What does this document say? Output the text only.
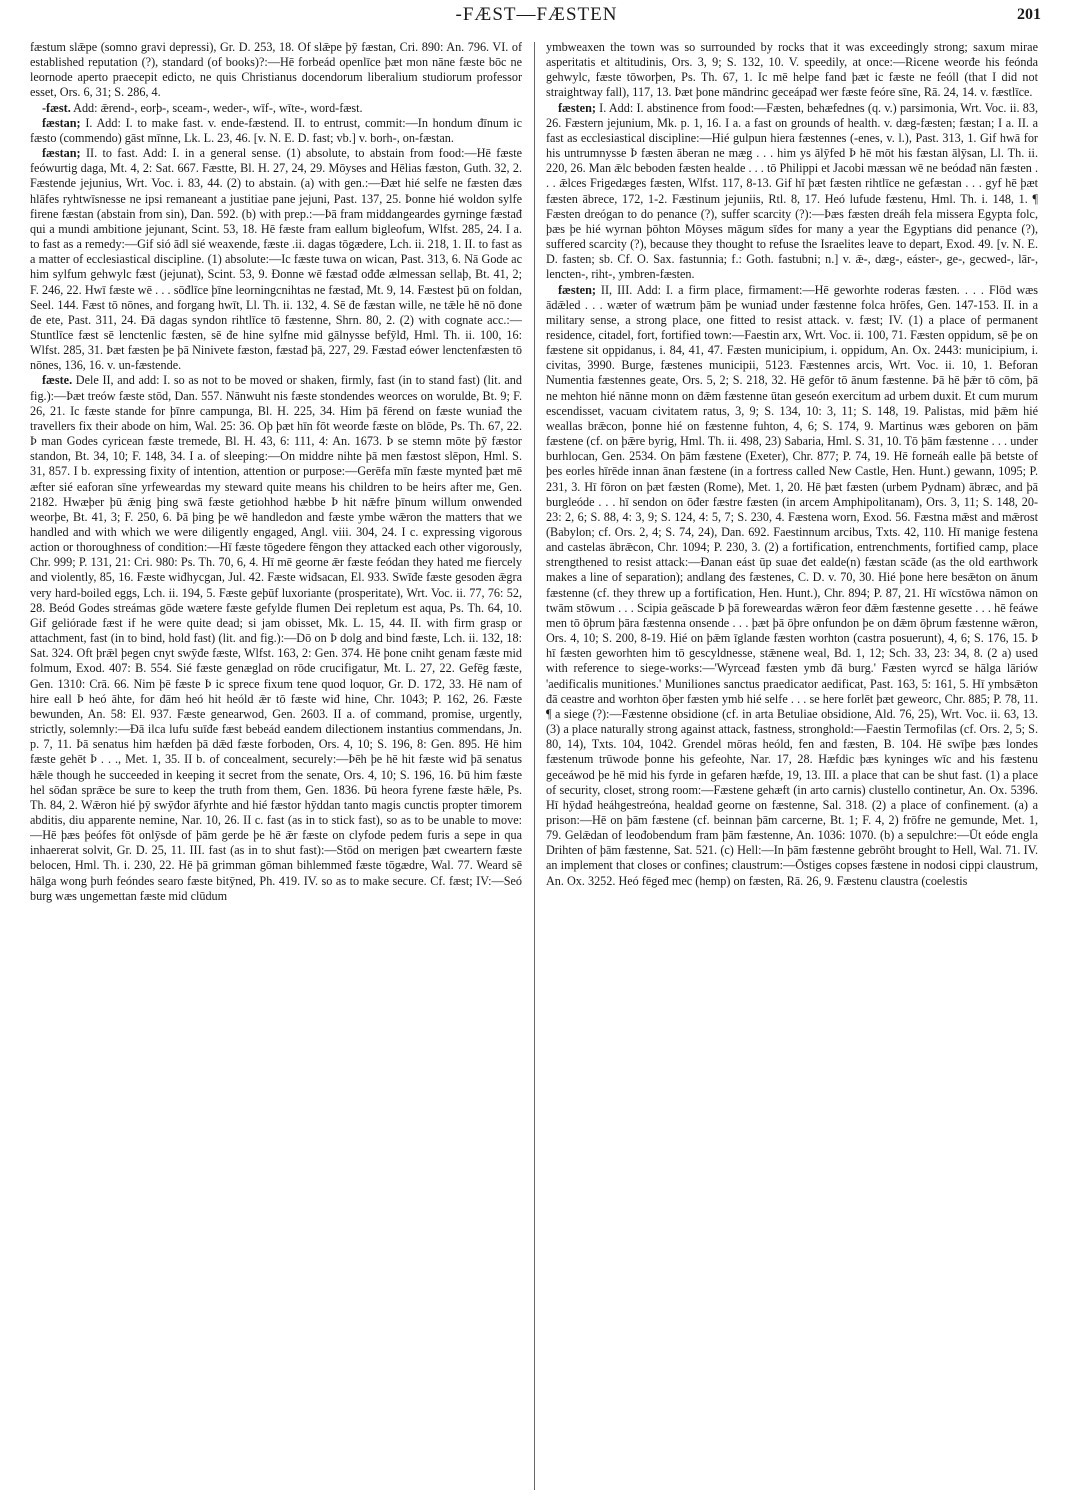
-FÆST—FÆSTEN	201

fæstum slǣpe (somno gravi depressi), Gr. D. 253, 18. Of slǣpe þȳ fæstan, Cri. 890: An. 796. VI. of established reputation (?), standard (of books)?:—Hē forbeád openlīce þæt mon nāne fæste bōc ne leornode aperto praecepit edicto, ne quis Christianus docendorum liberalium studiorum professor esset, Ors. 6, 31; S. 286, 4.

-fæst. Add: ǣrend-, eorþ-, sceam-, weder-, wīf-, wīte-, word-fæst.

fæstan; I. Add: I. to make fast. v. ende-fæstend. II. to entrust, commit:—In hondum đīnum ic fæsto (commendo) gāst mīnne, Lk. L. 23, 46. [v. N. E. D. fast; vb.] v. borh-, on-fæstan.

fæstan; II. to fast. Add: I. in a general sense. (1) absolute, to abstain from food:—Hē fæste feówurtig daga, Mt. 4, 2: Sat. 667. Fæstte, Bl. H. 27, 24, 29. Mōyses and Hēlias fæston, Guth. 32, 2. Fæstende jejunius, Wrt. Voc. i. 83, 44. (2) to abstain. (a) with gen.:—Đæt hié selfe ne fæsten đæs hlāfes ryhtwīsnesse ne ipsi remaneant a justitiae pane jejuni, Past. 137, 25. Þonne hié woldon sylfe firene fæstan (abstain from sin), Dan. 592. (b) with prep.:—Þā fram middangeardes gyrninge fæstađ qui a mundi ambitione jejunant, Scint. 53, 18. Hē fæste fram eallum bigleofum, Wlfst. 285, 24. I a. to fast as a remedy:—Gif sió ādl sié weaxende, fæste .ii. dagas tōgædere, Lch. ii. 218, 1. II. to fast as a matter of ecclesiastical discipline. (1) absolute:—Ic fæste tuwa on wican, Past. 313, 6. Nā Gode ac him sylfum gehwylc fæst (jejunat), Scint. 53, 9. Đonne wē fæstađ ođđe ælmessan sellaþ, Bt. 41, 2; F. 246, 22. Hwī fæste wē . . . sōđlīce þīne leorningcnihtas ne fæstađ, Mt. 9, 14. Fæstest þū on foldan, Seel. 144. Fæst tō nōnes, and forgang hwīt, Ll. Th. ii. 132, 4. Sē đe fæstan wille, ne tǣle hē nō đone đe ete, Past. 311, 24. Đā dagas syndon rihtlīce tō fæstenne, Shrn. 80, 2. (2) with cognate acc.:—Stuntlīce fæst sē lenctenlic fæsten, sē đe hine sylfne mid gālnysse befȳlđ, Hml. Th. ii. 100, 16: Wlfst. 285, 31. Þæt fæsten þe þā Ninivete fæston, fæstađ þā, 227, 29. Fæstađ eówer lenctenfæsten tō nōnes, 136, 16. v. un-fæstende.

fæste. Dele II, and add: I. so as not to be moved or shaken, firmly, fast (in to stand fast) (lit. and fig.):—Þæt treów fæste stōd, Dan. 557. Nānwuht nis fæste stondendes weorces on worulde, Bt. 9; F. 26, 21. Ic fæste stande for þīnre campunga, Bl. H. 225, 34. Him þā fērend on fæste wuniađ the travellers fix their abode on him, Wal. 25: 36. Oþ þæt hīn fōt weorđe fæste on blōde, Ps. Th. 67, 22. Þ man Godes cyricean fæste tremede, Bl. H. 43, 6: 111, 4: An. 1673. Þ se stemn mōte þȳ fæstor standon, Bt. 34, 10; F. 148, 34. I a. of sleeping:—On middre nihte þā men fæstost slēpon, Hml. S. 31, 857. I b. expressing fixity of intention, attention or purpose:—Gerēfa mīn fæste mynteđ þæt mē æfter sié eaforan sīne yrfeweardas my steward quite means his children to be heirs after me, Gen. 2182. Hwæþer þū ǣnig þing swā fæste getiohhod hæbbe Þ hit nǣfre þīnum willum onwended weorþe, Bt. 41, 3; F. 250, 6. Þā þing þe wē handledon and fæste ymbe wǣron the matters that we handled and with which we were diligently engaged, Angl. viii. 304, 24. I c. expressing vigorous action or thoroughness of condition:—Hī fæste tōgedere fēngon they attacked each other vigorously, Chr. 999; P. 131, 21: Cri. 980: Ps. Th. 70, 6, 4. Hī mē georne ǣr fæste feódan they hated me fiercely and violently, 85, 16. Fæste wiđhycgan, Jul. 42. Fæste wiđsacan, El. 933. Swīđe fæste gesoden ǣgra very hard-boiled eggs, Lch. ii. 194, 5. Fæste geþūf luxoriante (prosperitate), Wrt. Voc. ii. 77, 76: 52, 28. Beód Godes streámas gōde wætere fæste gefylde flumen Dei repletum est aqua, Ps. Th. 64, 10. Gif geliórade fæst if he were quite dead; si jam obisset, Mk. L. 15, 44. II. with firm grasp or attachment, fast (in to bind, hold fast) (lit. and fig.):—Dō on Þ dolg and bind fæste, Lch. ii. 132, 18: Sat. 324. Oft þrǣl þegen cnyt swȳđe fæste, Wlfst. 163, 2: Gen. 374. Hē þone cniht genam fæste mid folmum, Exod. 407: B. 554. Sié fæste genæglad on rōde crucifigatur, Mt. L. 27, 22. Gefēg fæste, Gen. 1310: Crā. 66. Nim þē fæste Þ ic sprece fixum tene quod loquor, Gr. D. 172, 33. Hē nam of hire eall Þ heó āhte, for đām heó hit heóld ǣr tō fæste wiđ hine, Chr. 1043; P. 162, 26. Fæste bewunden, An. 58: El. 937. Fæste genearwod, Gen. 2603. II a. of command, promise, urgently, strictly, solemnly:—Đā ilca lufu suīđe fæst bebeád eandem dilectionem instantius commendans, Jn. p. 7, 11. Þā senatus him hæfden þā dǣd fæste forboden, Ors. 4, 10; S. 196, 8: Gen. 895. Hē him fæste gehēt Þ . . ., Met. 1, 35. II b. of concealment, securely:—Þēh þe hē hit fæste wiđ þā senatus hǣle though he succeeded in keeping it secret from the senate, Ors. 4, 10; S. 196, 16. Þū him fæste hel sōđan sprǣce be sure to keep the truth from them, Gen. 1836. Þū heora fyrene fæste hǣle, Ps. Th. 84, 2. Wǣron hié þȳ swȳđor āfyrhte and hié fæstor hȳddan tanto magis cunctis propter timorem abditis, diu apparente nemine, Nar. 10, 26. II c. fast (as in to stick fast), so as to be unable to move:—Hē þæs þeófes fōt onlȳsde of þām gerde þe hē ǣr fæste on clyfode pedem furis a sepe in qua inhaererat solvit, Gr. D. 25, 11. III. fast (as in to shut fast):—Stōd on merigen þæt cweartern fæste belocen, Hml. Th. i. 230, 22. Hē þā grimman gōman bihlemmeđ fæste tōgædre, Wal. 77. Weard sē hālga wong þurh feóndes searo fæste bitȳned, Ph. 419. IV. so as to make secure. Cf. fæst; IV:—Seó burg wæs ungemettan fæste mid clūdum

ymbweaxen the town was so surrounded by rocks that it was exceedingly strong; saxum mirae asperitatis et altitudinis, Ors. 3, 9; S. 132, 10. V. speedily, at once:—Ricene weorđe his feónda gehwylc, fæste tōworþen, Ps. Th. 67, 1. Ic mē helpe fand þæt ic fæste ne feóll (that I did not straightway fall), 117, 13. Þæt þone māndrinc geceápađ wer fæste feóre sīne, Rā. 24, 14. v. fæstlīce.

fæsten; I. Add: I. abstinence from food:—Fæsten, behæfednes (q. v.) parsimonia, Wrt. Voc. ii. 83, 26. Fæstern jejunium, Mk. p. 1, 16. I a. a fast on grounds of health. v. dæg-fæsten; fæstan; I a. II. a fast as ecclesiastical discipline:—Hié gulpun hiera fæstennes (-enes, v. l.), Past. 313, 1. Gif hwā for his untrumnysse Þ fæsten āberan ne mæg . . . him ys ālȳfed Þ hē mōt his fæstan ālȳsan, Ll. Th. ii. 220, 26. Man ǣlc beboden fæsten healde . . . tō Philippi et Jacobi mæssan wē ne beódađ nān fæsten . . . ǣlces Frigedæges fæsten, Wlfst. 117, 8-13. Gif hī þæt fæsten rihtlīce ne gefæstan . . . gyf hē þæt fæsten ābrece, 172, 1-2. Fæstinum jejuniis, Rtl. 8, 17. Heó lufude fæstenu, Hml. Th. i. 148, 1. ¶ Fæsten dreógan to do penance (?), suffer scarcity (?):—Þæs fæsten dreáh fela missera Egypta folc, þæs þe hié wyrnan þōhton Mōyses māgum sīđes for many a year the Egyptians did penance (?), suffered scarcity (?), because they thought to refuse the Israelites leave to depart, Exod. 49. [v. N. E. D. fasten; sb. Cf. O. Sax. fastunnia; f.: Goth. fastubni; n.] v. ǣ-, dæg-, eáster-, ge-, gecwed-, lār-, lencten-, riht-, ymbren-fæsten.

fæsten; II, III. Add: I. a firm place, firmament:—Hē geworhte roderas fæsten. . . . Flōd wæs ādǣled . . . wæter of wætrum þām þe wuniađ under fæstenne folca hrōfes, Gen. 147-153. II. in a military sense, a strong place, one fitted to resist attack. v. fæst; IV. (1) a place of permanent residence, citadel, fort, fortified town:—Faestin arx, Wrt. Voc. ii. 100, 71. Fæsten oppidum, sē þe on fæstene sit oppidanus, i. 84, 41, 47. Fæsten municipium, i. oppidum, An. Ox. 2443: municipium, i. civitas, 3990. Burge, fæstenes municipii, 5123. Fæstennes arcis, Wrt. Voc. ii. 10, 1. Beforan Numentia fæstennes geate, Ors. 5, 2; S. 218, 32. Hē gefōr tō ānum fæstenne. Þā hē þǣr tō cōm, þā ne mehton hié nānne monn on đǣm fæstenne ūtan geseón exercitum ad urbem duxit. Et cum murum escendisset, vacuam civitatem ratus, 3, 9; S. 134, 10: 3, 11; S. 148, 19. Palistas, mid þǣm hié weallas brǣcon, þonne hié on fæstenne fuhton, 4, 6; S. 174, 9. Martinus wæs geboren on þām fæstene (cf. on þǣre byrig, Hml. Th. ii. 498, 23) Sabaria, Hml. S. 31, 10. Tō þām fæstenne . . . under burhlocan, Gen. 2534. On þām fæstene (Exeter), Chr. 877; P. 74, 19. Hē forneáh ealle þā betste of þes eorles hīrēde innan ānan fæstene (in a fortress called New Castle, Hen. Hunt.) gewann, 1095; P. 231, 3. Hī fōron on þæt fæsten (Rome), Met. 1, 20. Hē þæt fæsten (urbem Pydnam) ābræc, and þā burgleóde . . . hī sendon on ōđer fæstre fæsten (in arcem Amphipolitanam), Ors. 3, 11; S. 148, 20-23: 2, 6; S. 88, 4: 3, 9; S. 124, 4: 5, 7; S. 230, 4. Fæstena worn, Exod. 56. Fæstna mǣst and mǣrost (Babylon; cf. Ors. 2, 4; S. 74, 24), Dan. 692. Faestinnum arcibus, Txts. 42, 110. Hī manige festena and castelas ābrǣcon, Chr. 1094; P. 230, 3. (2) a fortification, entrenchments, fortified camp, place strengthened to resist attack:—Đanan eást ūp suae đet ealde(n) fæstan scāđe (as the old earthwork makes a line of separation); andlang đes fæstenes, C. D. v. 70, 30. Hié þone here besǣton on ānum fæstenne (cf. they threw up a fortification, Hen. Hunt.), Chr. 894; P. 87, 21. Hī wīcstōwa nāmon on twām stōwum . . . Scipia geāscade Þ þā foreweardas wǣron feor đǣm fæstenne gesette . . . hē feáwe men tō ōþrum þāra fæstenna onsende . . . þæt þā ōþre onfundon þe on đǣm ōþrum fæstenne wǣron, Ors. 4, 10; S. 200, 8-19. Hié on þǣm īglande fæsten worhton (castra posuerunt), 4, 6; S. 176, 15. Þ hī fæsten geworhten him tō gescyldnesse, stǣnene weal, Bd. 1, 12; Sch. 33, 23: 34, 8. (2 a) used with reference to siege-works:—'Wyrceađ fæsten ymb đā burg.' Fæsten wyrcđ se hālga lāriów 'aedificalis munitiones.' Muniliones sanctus praedicator aedificat, Past. 163, 5: 161, 5. Hī ymbsǣton đā ceastre and worhton ōþer fæsten ymb hié selfe . . . se here forlēt þæt geweorc, Chr. 885; P. 78, 11. ¶ a siege (?):—Fæstenne obsidione (cf. in arta Betuliae obsidione, Ald. 76, 25), Wrt. Voc. ii. 63, 13. (3) a place naturally strong against attack, fastness, stronghold:—Faestin Termofilas (cf. Ors. 2, 5; S. 80, 14), Txts. 104, 1042. Grendel mōras heóld, fen and fæsten, B. 104. Hē swīþe þæs londes fæstenum trūwode þonne his gefeohte, Nar. 17, 28. Hæfdic þæs kyninges wīc and his fæstenu geceáwod þe hē mid his fyrde in gefaren hæfde, 19, 13. III. a place that can be shut fast. (1) a place of security, closet, strong room:—Fæstene gehæft (in arto carnis) clustello continetur, An. Ox. 5396. Hī hȳdađ heáhgestreóna, healdađ georne on fæstenne, Sal. 318. (2) a place of confinement. (a) a prison:—Hē on þām fæstene (cf. beinnan þām carcerne, Bt. 1; F. 4, 2) frōfre ne gemunde, Met. 1, 79. Gelǣdan of leođobendum fram þām fæstenne, An. 1036: 1070. (b) a sepulchre:—Ūt eóde engla Drihten of þām fæstenne, Sat. 521. (c) Hell:—In þām fæstenne gebrōht brought to Hell, Wal. 71. IV. an implement that closes or confines; claustrum:—Ōstiges copses fæstene in nodosi cippi claustrum, An. Ox. 3252. Heó fēgeđ mec (hemp) on fæsten, Rā. 26, 9. Fæstenu claustra (coelestis
